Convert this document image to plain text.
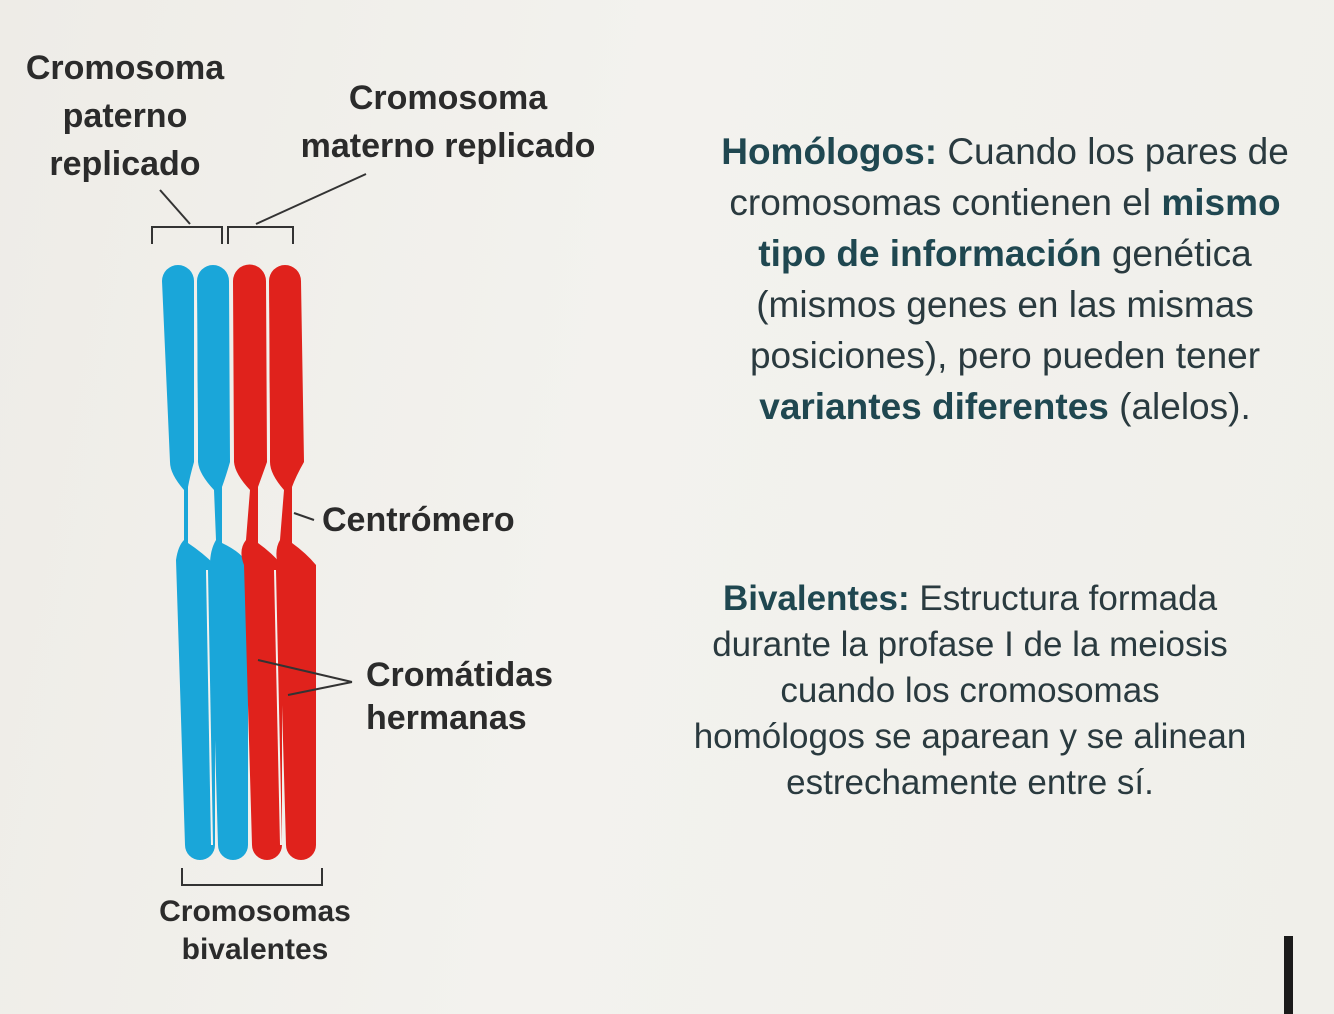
Cromosoma
paterno
replicado
Cromosoma
materno replicado
Centrómero
Cromátidas
hermanas
Cromosomas
bivalentes
Homólogos: Cuando los pares de
cromosomas contienen el mismo
tipo de información genética
(mismos genes en las mismas
posiciones), pero pueden tener
variantes diferentes (alelos).
Bivalentes: Estructura formada
durante la profase I de la meiosis
cuando los cromosomas
homólogos se aparean y se alinean
estrechamente entre sí.
